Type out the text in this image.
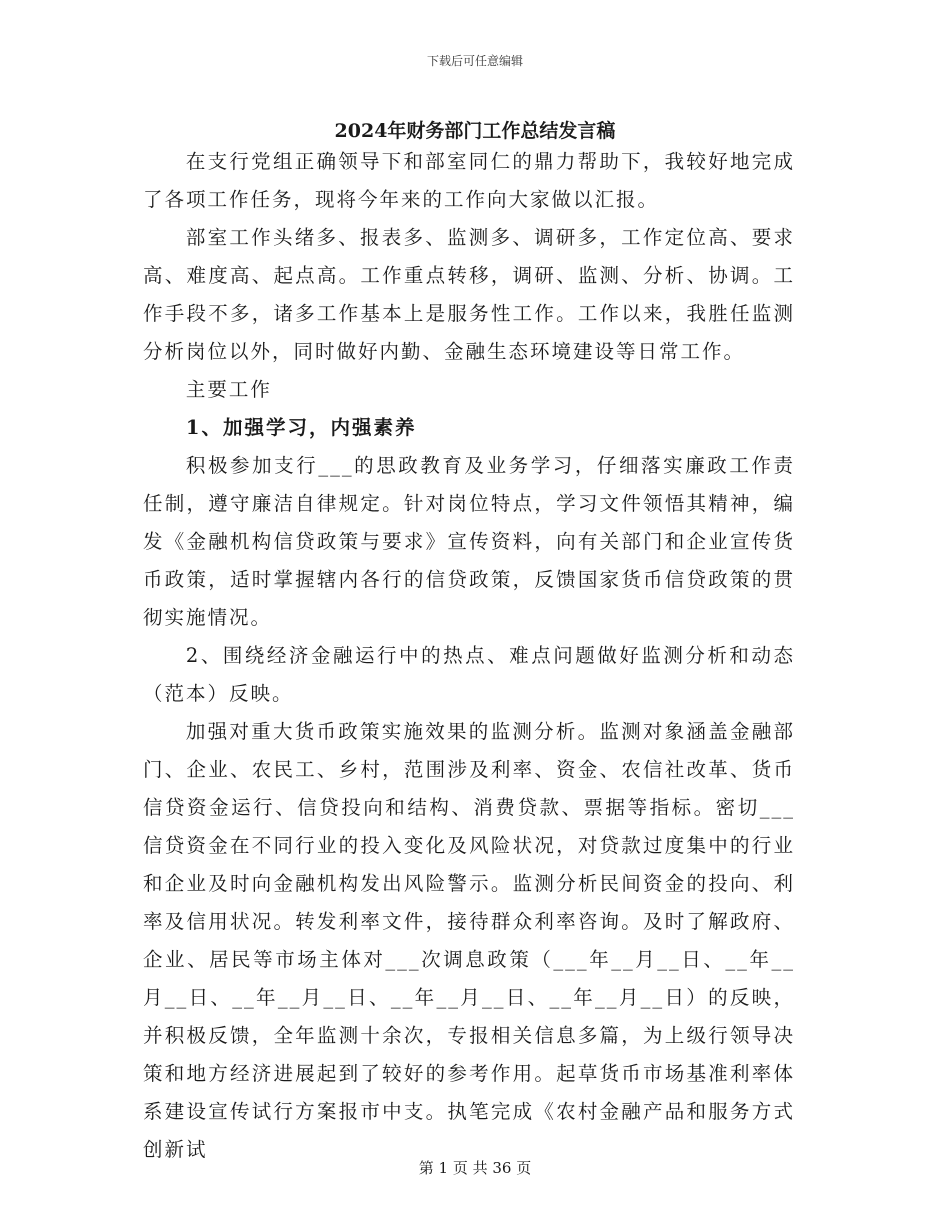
下载后可任意编辑
2024年财务部门工作总结发言稿

在支行党组正确领导下和部室同仁的鼎力帮助下，我较好地完成了各项工作任务，现将今年来的工作向大家做以汇报。

部室工作头绪多、报表多、监测多、调研多，工作定位高、要求高、难度高、起点高。工作重点转移，调研、监测、分析、协调。工作手段不多，诸多工作基本上是服务性工作。工作以来，我胜任监测分析岗位以外，同时做好内勤、金融生态环境建设等日常工作。

主要工作

1、加强学习，内强素养

积极参加支行___的思政教育及业务学习，仔细落实廉政工作责任制，遵守廉洁自律规定。针对岗位特点，学习文件领悟其精神，编发《金融机构信贷政策与要求》宣传资料，向有关部门和企业宣传货币政策，适时掌握辖内各行的信贷政策，反馈国家货币信贷政策的贯彻实施情况。

2、围绕经济金融运行中的热点、难点问题做好监测分析和动态（范本）反映。

加强对重大货币政策实施效果的监测分析。监测对象涵盖金融部门、企业、农民工、乡村，范围涉及利率、资金、农信社改革、货币信贷资金运行、信贷投向和结构、消费贷款、票据等指标。密切___信贷资金在不同行业的投入变化及风险状况，对贷款过度集中的行业和企业及时向金融机构发出风险警示。监测分析民间资金的投向、利率及信用状况。转发利率文件，接待群众利率咨询。及时了解政府、企业、居民等市场主体对___次调息政策（___年__月__日、__年__月__日、__年__月__日、__年__月__日、__年__月__日）的反映，并积极反馈，全年监测十余次，专报相关信息多篇，为上级行领导决策和地方经济进展起到了较好的参考作用。起草货币市场基准利率体系建设宣传试行方案报市中支。执笔完成《农村金融产品和服务方式创新试

第 1 页 共 36 页
